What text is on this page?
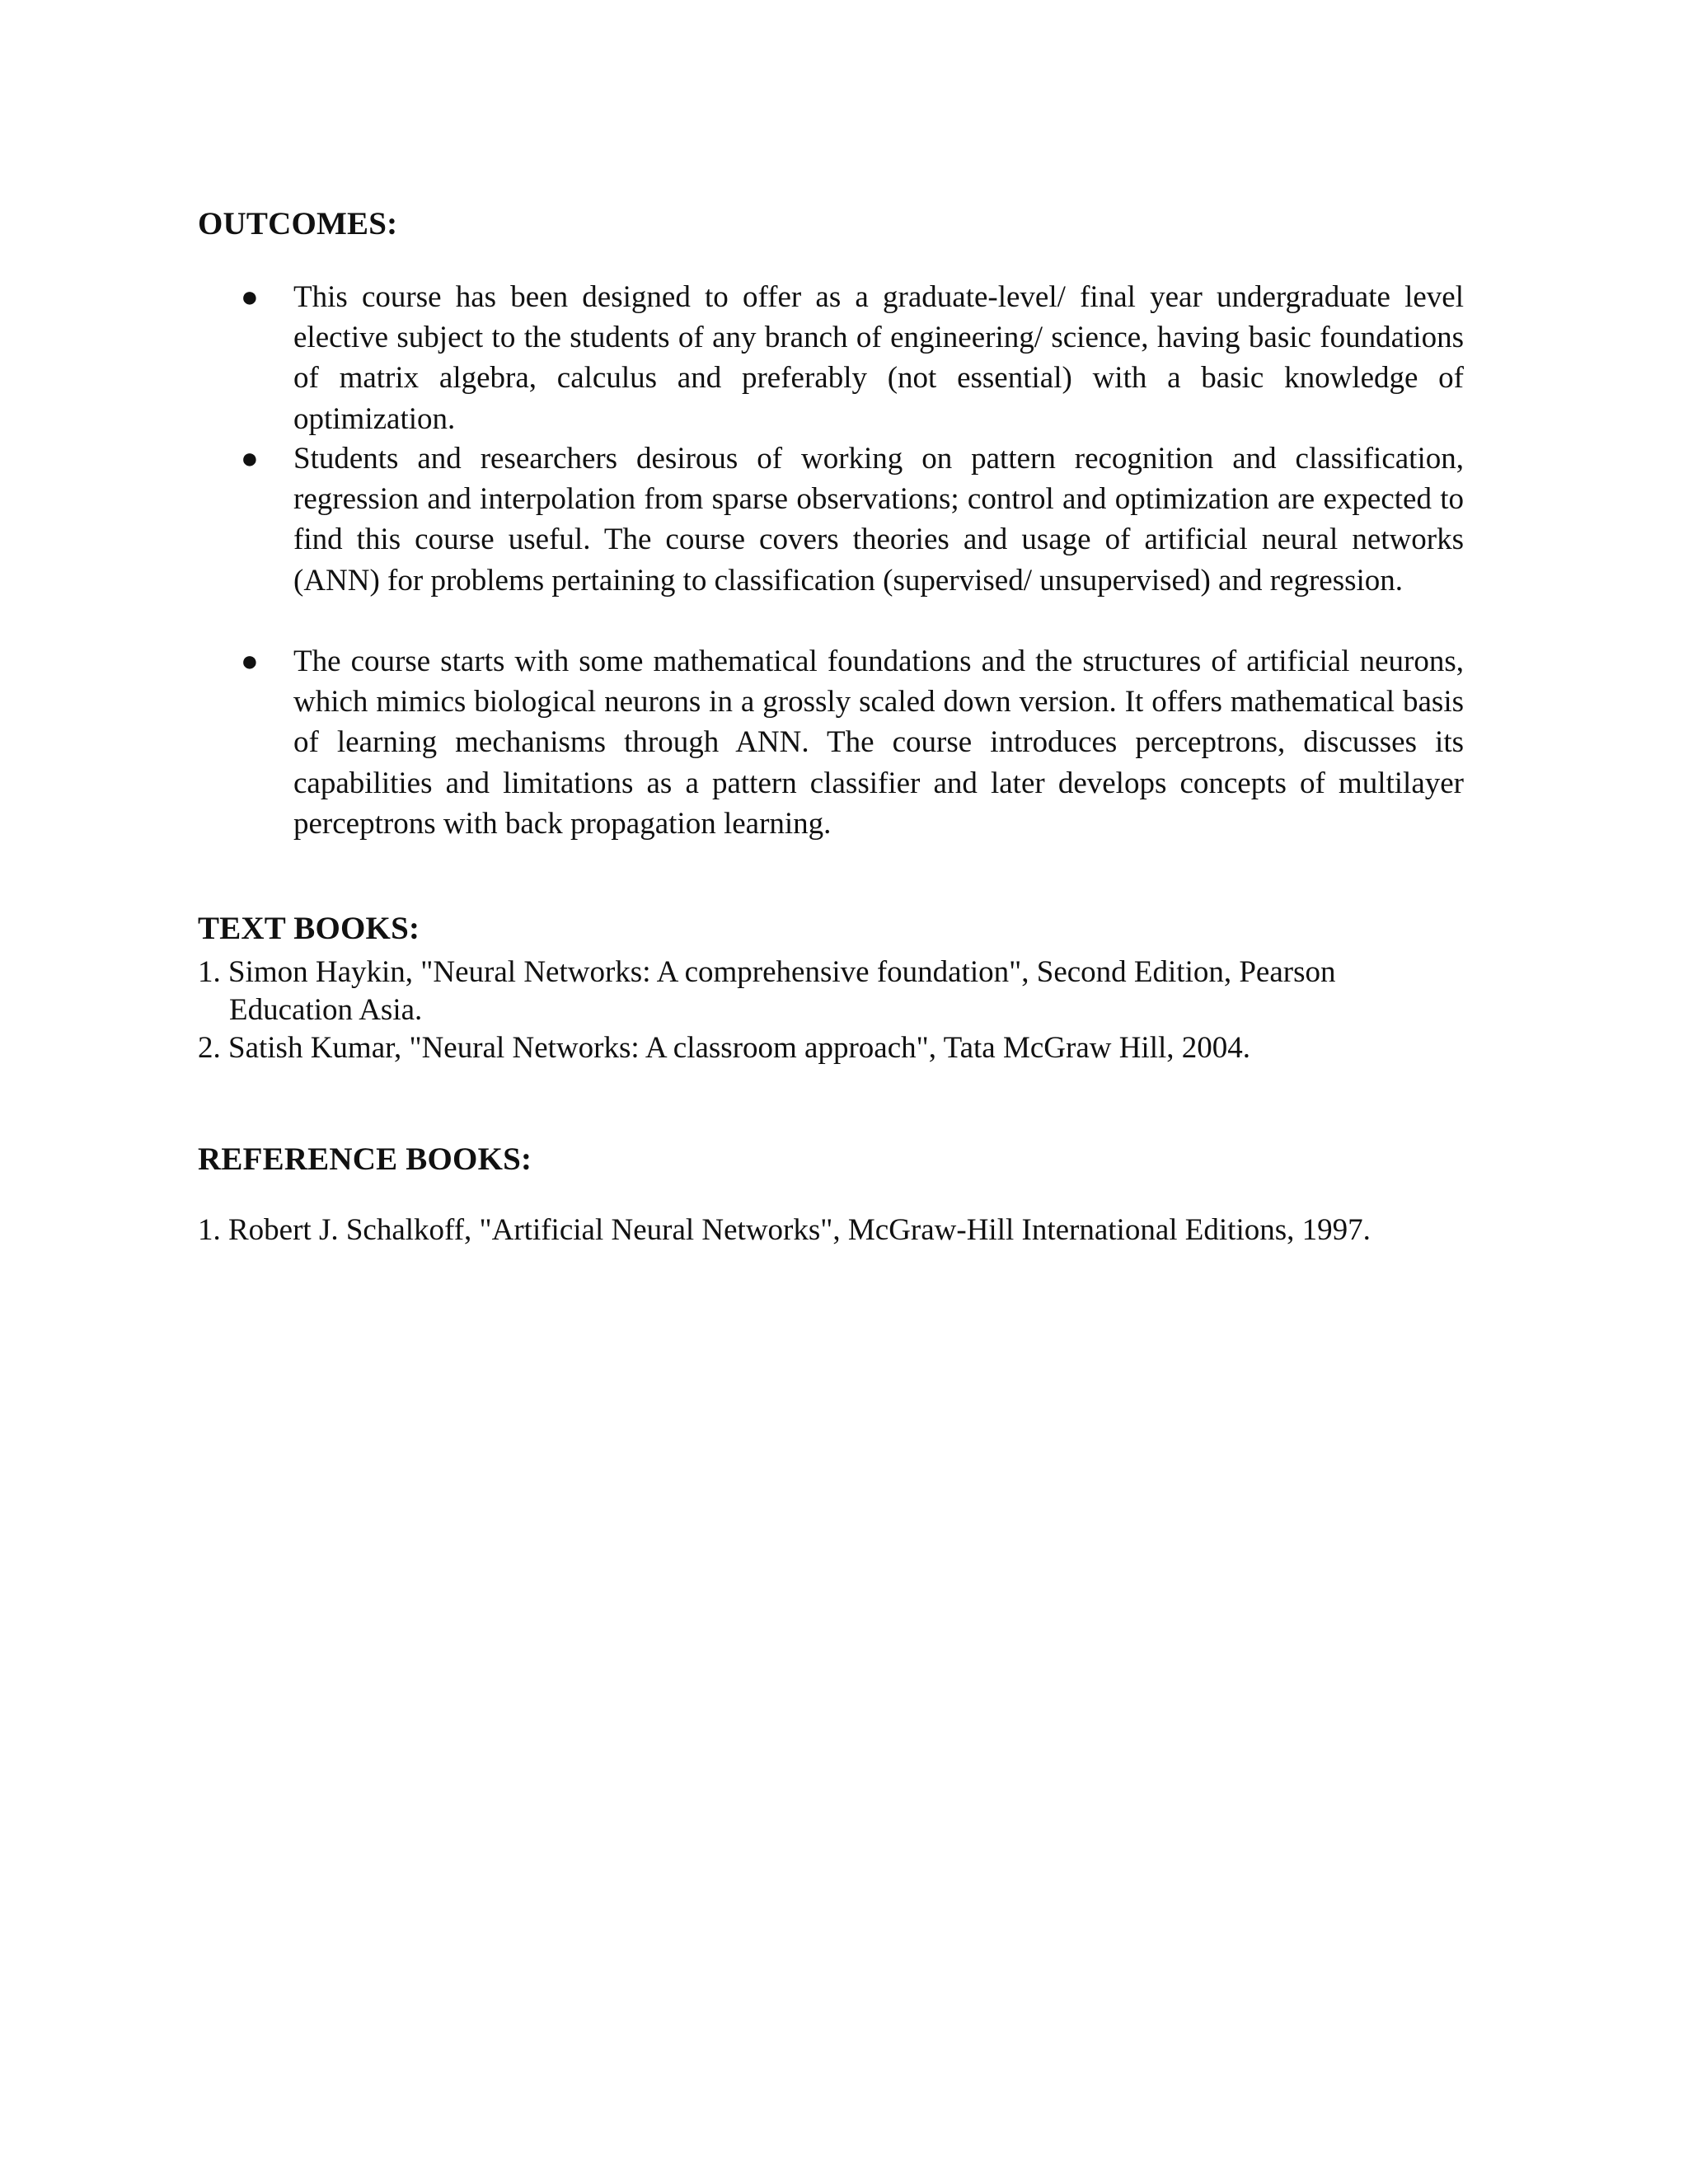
OUTCOMES:
● This course has been designed to offer as a graduate-level/ final year undergraduate level elective subject to the students of any branch of engineering/ science, having basic foundations of matrix algebra, calculus and preferably (not essential) with a basic knowledge of optimization.

● Students and researchers desirous of working on pattern recognition and classification, regression and interpolation from sparse observations; control and optimization are expected to find this course useful. The course covers theories and usage of artificial neural networks (ANN) for problems pertaining to classification (supervised/ unsupervised) and regression.

● The course starts with some mathematical foundations and the structures of artificial neurons, which mimics biological neurons in a grossly scaled down version. It offers mathematical basis of learning mechanisms through ANN. The course introduces perceptrons, discusses its capabilities and limitations as a pattern classifier and later develops concepts of multilayer perceptrons with back propagation learning.

TEXT BOOKS:

1. Simon Haykin, "Neural Networks: A comprehensive foundation", Second Edition, Pearson

Education Asia.

2. Satish Kumar, "Neural Networks: A classroom approach", Tata McGraw Hill, 2004.

REFERENCE BOOKS:

1. Robert J. Schalkoff, "Artificial Neural Networks", McGraw-Hill International Editions, 1997.
